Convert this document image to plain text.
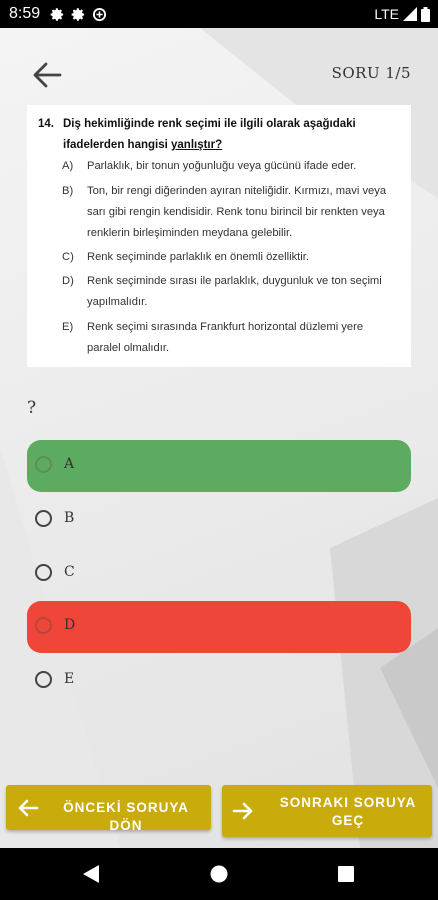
8:59	LTE
SORU 1/5
14. Diş hekimliğinde renk seçimi ile ilgili olarak aşağıdaki ifadelerden hangisi yanlıştır?
A) Parlaklık, bir tonun yoğunluğu veya gücünü ifade eder.
B) Ton, bir rengi diğerinden ayıran niteliğidir. Kırmızı, mavi veya sarı gibi rengin kendisidir. Renk tonu birincil bir renkten veya renklerin birleşiminden meydana gelebilir.
C) Renk seçiminde parlaklık en önemli özelliktir.
D) Renk seçiminde sırası ile parlaklık, duygunluk ve ton seçimi yapılmalıdır.
E) Renk seçimi sırasında Frankfurt horizontal düzlemi yere paralel olmalıdır.
?
A
B
C
D
E
ÖNCEKİ SORUYA DÖN
SONRAKI SORUYA GEÇ
